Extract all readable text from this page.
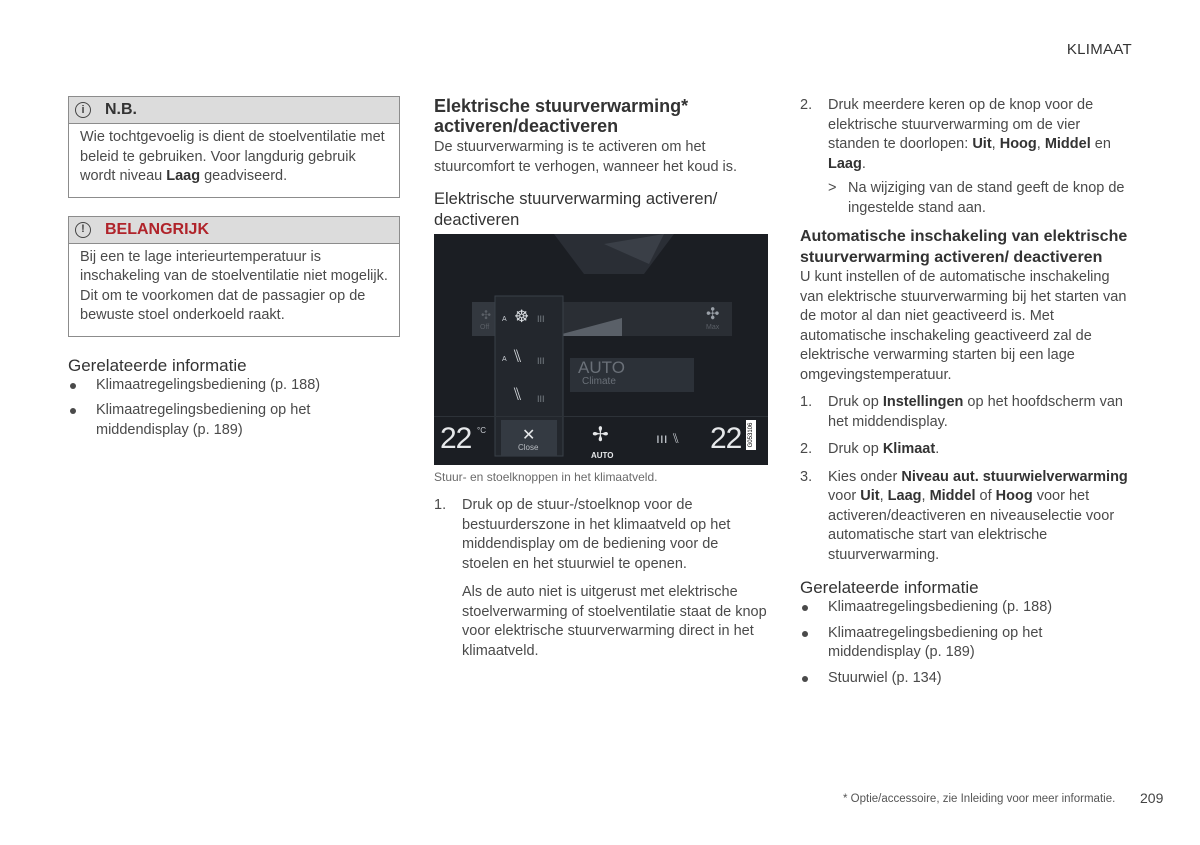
KLIMAAT
i	N.B.
Wie tochtgevoelig is dient de stoelventilatie met beleid te gebruiken. Voor langdurig gebruik wordt niveau Laag geadviseerd.
!	BELANGRIJK
Bij een te lage interieurtemperatuur is inschakeling van de stoelventilatie niet mogelijk. Dit om te voorkomen dat de passagier op de bewuste stoel onderkoeld raakt.
Gerelateerde informatie
Klimaatregelingsbediening (p. 188)
Klimaatregelingsbediening op het middendisplay (p. 189)
Elektrische stuurverwarming* activeren/deactiveren

De stuurverwarming is te activeren om het stuurcomfort te verhogen, wanneer het koud is.

Elektrische stuurverwarming activeren/ deactiveren
Off
✣
Max
✣
A ☸ III
A ⑊ III
⑊ III
AUTO
Climate
22 °C ✕
Close
✢
AUTO
ııı ⑊ 22	G053106
Stuur- en stoelknoppen in het klimaatveld.
1. Druk op de stuur-/stoelknop voor de bestuurderszone in het klimaatveld op het middendisplay om de bediening voor de stoelen en het stuurwiel te openen.

Als de auto niet is uitgerust met elektrische stoelverwarming of stoelventilatie staat de knop voor elektrische stuurverwarming direct in het klimaatveld.

2. Druk meerdere keren op de knop voor de elektrische stuurverwarming om de vier standen te doorlopen: Uit, Hoog, Middel en Laag.
> Na wijziging van de stand geeft de knop de ingestelde stand aan.
Automatische inschakeling van elektrische stuurverwarming activeren/ deactiveren

U kunt instellen of de automatische inschakeling van elektrische stuurverwarming bij het starten van de motor al dan niet geactiveerd is. Met automatische inschakeling geactiveerd zal de elektrische verwarming starten bij een lage omgevingstemperatuur.

1. Druk op Instellingen op het hoofdscherm van het middendisplay.
2. Druk op Klimaat.
3. Kies onder Niveau aut. stuurwielverwarming voor Uit, Laag, Middel of Hoog voor het activeren/deactiveren en niveauselectie voor automatische start van elektrische stuurverwarming.
Gerelateerde informatie
Klimaatregelingsbediening (p. 188)
Klimaatregelingsbediening op het middendisplay (p. 189)
Stuurwiel (p. 134)
* Optie/accessoire, zie Inleiding voor meer informatie. 209
